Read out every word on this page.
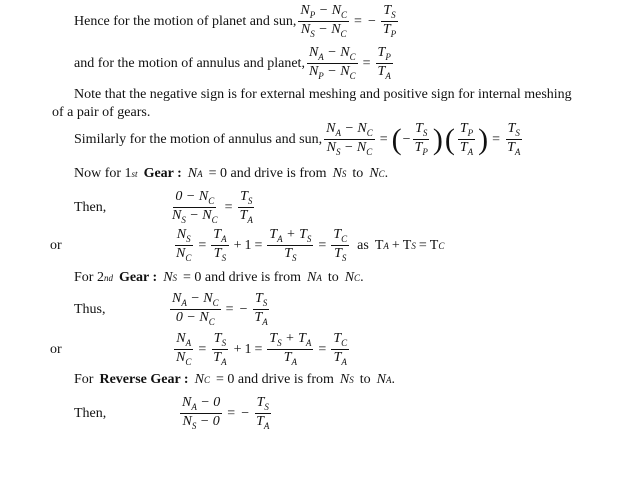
Hence for the motion of planet and sun, $\frac{N_P - N_C}{N_S - N_C}$ = − $\frac{T_S}{T_P}$
and for the motion of annulus and planet, $\frac{N_A - N_C}{N_P - N_C} = \frac{T_P}{T_A}$
Note that the negative sign is for external meshing and positive sign for internal meshing
of a pair of gears.
Similarly for the motion of annulus and sun, $\frac{N_A - N_C}{N_S - N_C}$ = ( − $\frac{T_S}{T_P}$ ) ( $\frac{T_P}{T_A}$ ) = $\frac{T_S}{T_A}$
Now for 1 st Gear : N A = 0 and drive is from N S to N C .
Then,	$\frac{0 - N_C}{N_S - N_C} = \frac{T_S}{T_A}$
or	$\frac{N_S}{N_C} = \frac{T_A}{T_S} + 1 = \frac{T_A + T_S}{T_S} = \frac{T_C}{T_S}$ as T A + T S = T C
For 2 nd Gear : N S = 0 and drive is from N A to N C .
Thus,	$\frac{N_A - N_C}{0 - N_C}$ = − $\frac{T_S}{T_A}$
or	$\frac{N_A}{N_C} = \frac{T_S}{T_A} + 1 = \frac{T_S + T_A}{T_A} = \frac{T_C}{T_A}$
For Reverse Gear : N C = 0 and drive is from N S to N A .
Then,	$\frac{N_A - 0}{N_S - 0}$ = − $\frac{T_S}{T_A}$
